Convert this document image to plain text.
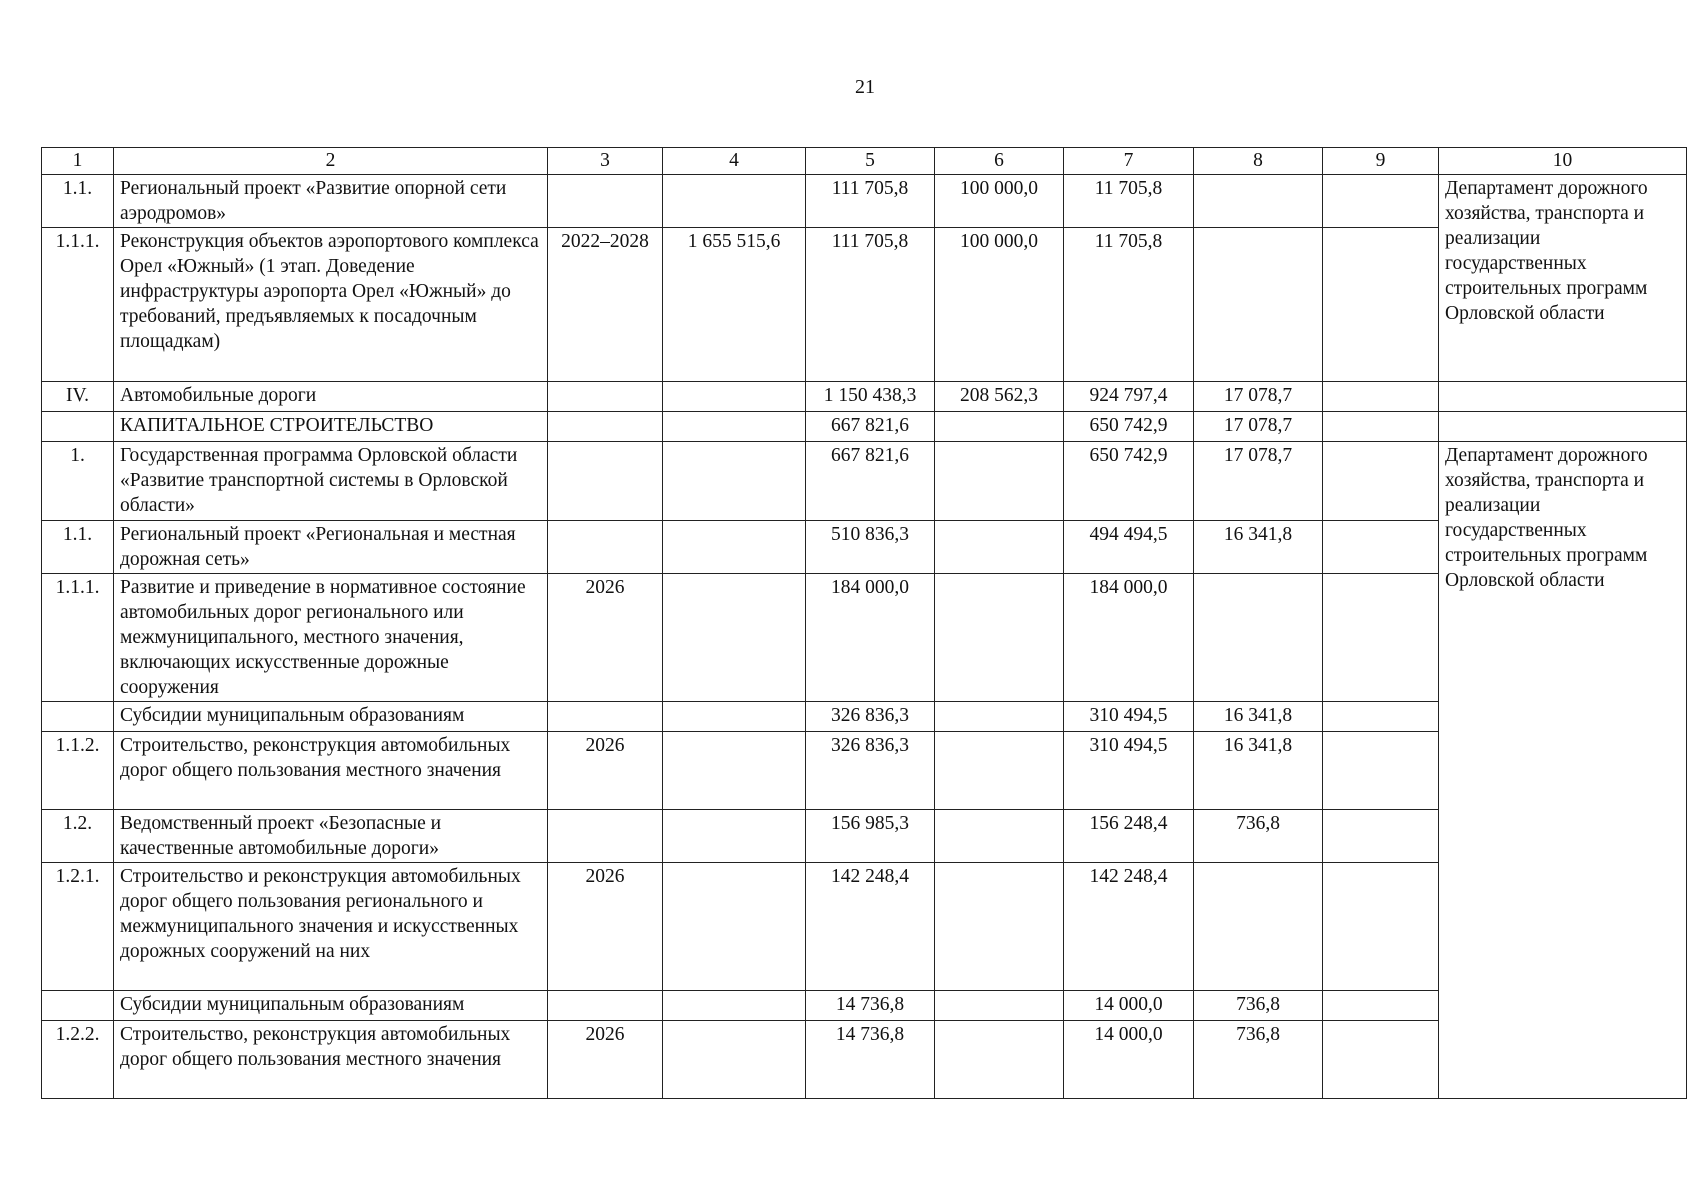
21
1	2	3	4	5	6	7	8	9	10
1.1.	Региональный проект «Развитие опорной сети аэродромов»			111 705,8	100 000,0	11 705,8			Департамент дорожного хозяйства, транспорта и реализации государственных строительных программ Орловской области
1.1.1.	Реконструкция объектов аэропортового комплекса Орел «Южный» (1 этап. Доведение инфраструктуры аэропорта Орел «Южный» до требований, предъявляемых к посадочным площадкам)	2022–2028	1 655 515,6	111 705,8	100 000,0	11 705,8			
IV.	Автомобильные дороги			1 150 438,3	208 562,3	924 797,4	17 078,7		
	КАПИТАЛЬНОЕ СТРОИТЕЛЬСТВО			667 821,6		650 742,9	17 078,7		
1.	Государственная программа Орловской области «Развитие транспортной системы в Орловской области»			667 821,6		650 742,9	17 078,7		Департамент дорожного хозяйства, транспорта и реализации государственных строительных программ Орловской области
1.1.	Региональный проект «Региональная и местная дорожная сеть»			510 836,3		494 494,5	16 341,8		
1.1.1.	Развитие и приведение в нормативное состояние автомобильных дорог регионального или межмуниципального, местного значения, включающих искусственные дорожные сооружения	2026		184 000,0		184 000,0			
	Субсидии муниципальным образованиям			326 836,3		310 494,5	16 341,8		
1.1.2.	Строительство, реконструкция автомобильных дорог общего пользования местного значения	2026		326 836,3		310 494,5	16 341,8		
1.2.	Ведомственный проект «Безопасные и качественные автомобильные дороги»			156 985,3		156 248,4	736,8		
1.2.1.	Строительство и реконструкция автомобильных дорог общего пользования регионального и межмуниципального значения и искусственных дорожных сооружений на них	2026		142 248,4		142 248,4			
	Субсидии муниципальным образованиям			14 736,8		14 000,0	736,8		
1.2.2.	Строительство, реконструкция автомобильных дорог общего пользования местного значения	2026		14 736,8		14 000,0	736,8		
